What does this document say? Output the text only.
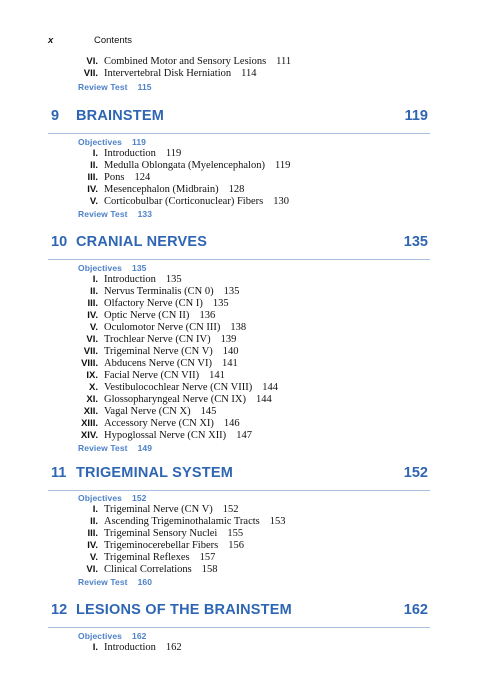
x	Contents
VI. Combined Motor and Sensory Lesions 111
VII. Intervertebral Disk Herniation 114
Review Test 115
9 BRAINSTEM	119
Objectives 119
I. Introduction 119
II. Medulla Oblongata (Myelencephalon) 119
III. Pons 124
IV. Mesencephalon (Midbrain) 128
V. Corticobulbar (Corticonuclear) Fibers 130
Review Test 133
10 CRANIAL NERVES	135
Objectives 135
I. Introduction 135
II. Nervus Terminalis (CN 0) 135
III. Olfactory Nerve (CN I) 135
IV. Optic Nerve (CN II) 136
V. Oculomotor Nerve (CN III) 138
VI. Trochlear Nerve (CN IV) 139
VII. Trigeminal Nerve (CN V) 140
VIII. Abducens Nerve (CN VI) 141
IX. Facial Nerve (CN VII) 141
X. Vestibulocochlear Nerve (CN VIII) 144
XI. Glossopharyngeal Nerve (CN IX) 144
XII. Vagal Nerve (CN X) 145
XIII. Accessory Nerve (CN XI) 146
XIV. Hypoglossal Nerve (CN XII) 147
Review Test 149
11 TRIGEMINAL SYSTEM	152
Objectives 152
I. Trigeminal Nerve (CN V) 152
II. Ascending Trigeminothalamic Tracts 153
III. Trigeminal Sensory Nuclei 155
IV. Trigeminocerebellar Fibers 156
V. Trigeminal Reflexes 157
VI. Clinical Correlations 158
Review Test 160
12 LESIONS OF THE BRAINSTEM	162
Objectives 162
I. Introduction 162
